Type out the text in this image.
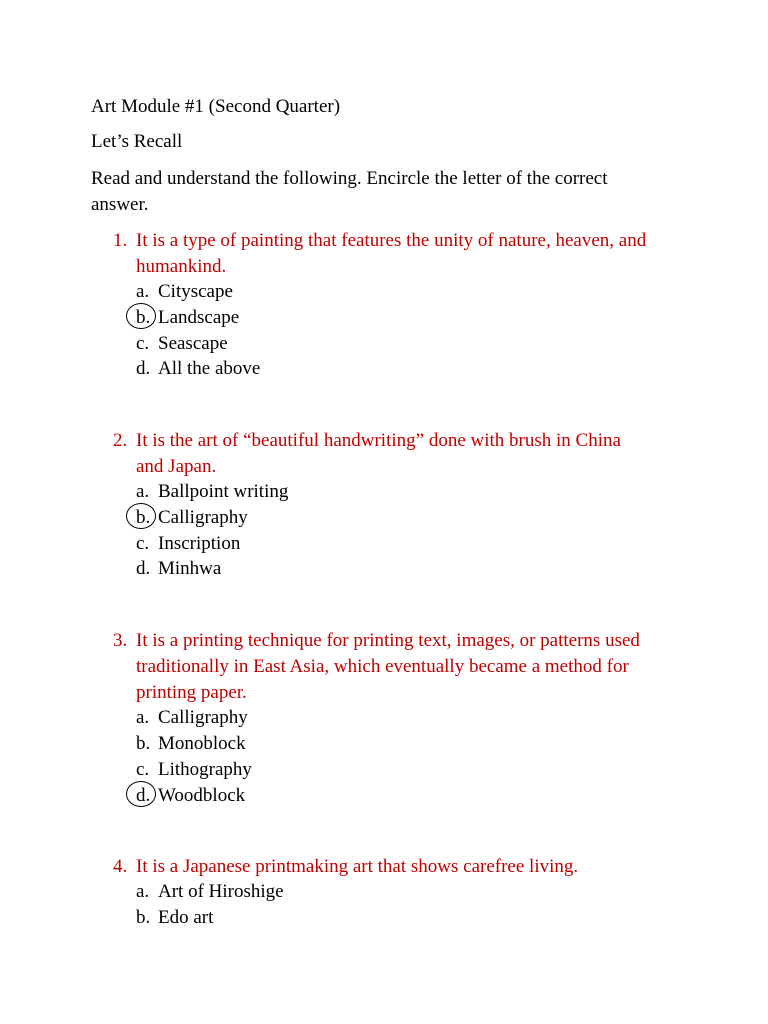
Art Module #1 (Second Quarter)
Let’s Recall
Read and understand the following. Encircle the letter of the correct
answer.
1. It is a type of painting that features the unity of nature, heaven, and
humankind.
a. Cityscape
b. Landscape
c. Seascape
d. All the above
2. It is the art of “beautiful handwriting” done with brush in China
and Japan.
a. Ballpoint writing
b. Calligraphy
c. Inscription
d. Minhwa
3. It is a printing technique for printing text, images, or patterns used
traditionally in East Asia, which eventually became a method for
printing paper.
a. Calligraphy
b. Monoblock
c. Lithography
d. Woodblock
4. It is a Japanese printmaking art that shows carefree living.
a. Art of Hiroshige
b. Edo art
